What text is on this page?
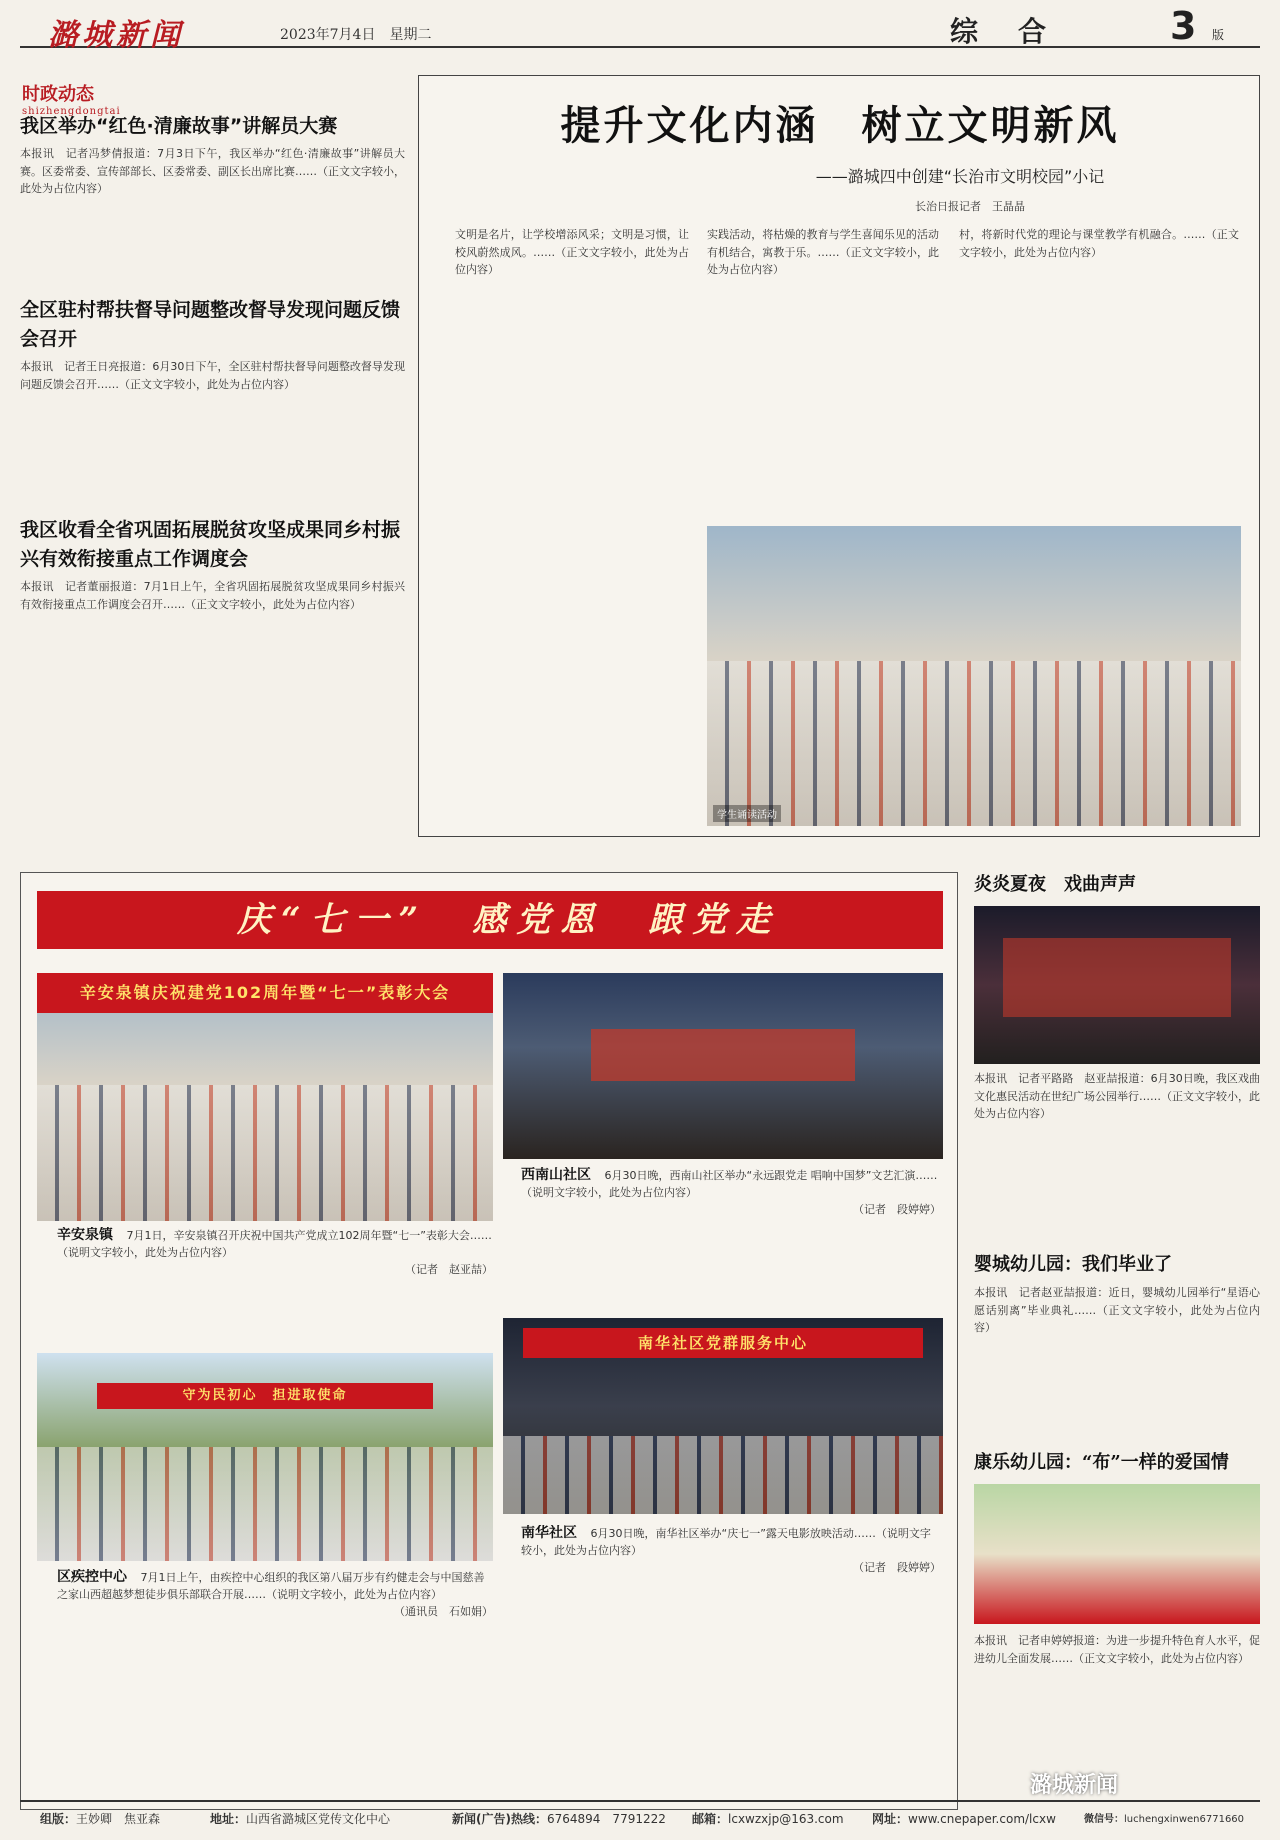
潞城新闻	2023年7月4日　星期二	综合 3 版
时政动态
shizhengdongtai
我区举办“红色·清廉故事”讲解员大赛
本报讯　记者冯梦倩报道：7月3日下午，我区举办“红色·清廉故事”讲解员大赛。区委常委、宣传部部长、区委常委、副区长出席比赛……（正文文字较小，此处为占位内容）
全区驻村帮扶督导问题整改督导发现问题反馈会召开
本报讯　记者王日亮报道：6月30日下午，全区驻村帮扶督导问题整改督导发现问题反馈会召开……（正文文字较小，此处为占位内容）
我区收看全省巩固拓展脱贫攻坚成果同乡村振兴有效衔接重点工作调度会
本报讯　记者董丽报道：7月1日上午，全省巩固拓展脱贫攻坚成果同乡村振兴有效衔接重点工作调度会召开……（正文文字较小，此处为占位内容）
提升文化内涵　树立文明新风
——潞城四中创建“长治市文明校园”小记
长治日报记者　王晶晶
文明是名片，让学校增添风采；文明是习惯，让校风蔚然成风。……（正文文字较小，此处为占位内容）
实践活动，将枯燥的教育与学生喜闻乐见的活动有机结合，寓教于乐。……（正文文字较小，此处为占位内容）
村，将新时代党的理论与课堂教学有机融合。……（正文文字较小，此处为占位内容）
学生诵读活动
庆“七一”　感党恩　跟党走
辛安泉镇庆祝建党102周年暨“七一”表彰大会
辛安泉镇 7月1日，辛安泉镇召开庆祝中国共产党成立102周年暨“七一”表彰大会……（说明文字较小，此处为占位内容）
（记者　赵亚喆）
西南山社区 6月30日晚，西南山社区举办“永远跟党走 唱响中国梦”文艺汇演……（说明文字较小，此处为占位内容）
（记者　段婷婷）
守为民初心　担进取使命
区疾控中心 7月1日上午，由疾控中心组织的我区第八届万步有约健走会与中国慈善之家山西超越梦想徒步俱乐部联合开展……（说明文字较小，此处为占位内容）
（通讯员　石如娟）
南华社区党群服务中心
南华社区 6月30日晚，南华社区举办“庆七一”露天电影放映活动……（说明文字较小，此处为占位内容）
（记者　段婷婷）
炎炎夏夜　戏曲声声
本报讯　记者平路路　赵亚喆报道：6月30日晚，我区戏曲文化惠民活动在世纪广场公园举行……（正文文字较小，此处为占位内容）
婴城幼儿园：我们毕业了
本报讯　记者赵亚喆报道：近日，婴城幼儿园举行“星语心愿话别离”毕业典礼……（正文文字较小，此处为占位内容）
康乐幼儿园：“布”一样的爱国情
本报讯　记者申婷婷报道：为进一步提升特色育人水平，促进幼儿全面发展……（正文文字较小，此处为占位内容）
潞城新闻
组版：王妙卿　焦亚森	地址：山西省潞城区党传文化中心	新闻(广告)热线：6764894　7791222 邮箱：lcxwzxjp@163.com 网址：www.cnepaper.com/lcxw	微信号：luchengxinwen6771660
